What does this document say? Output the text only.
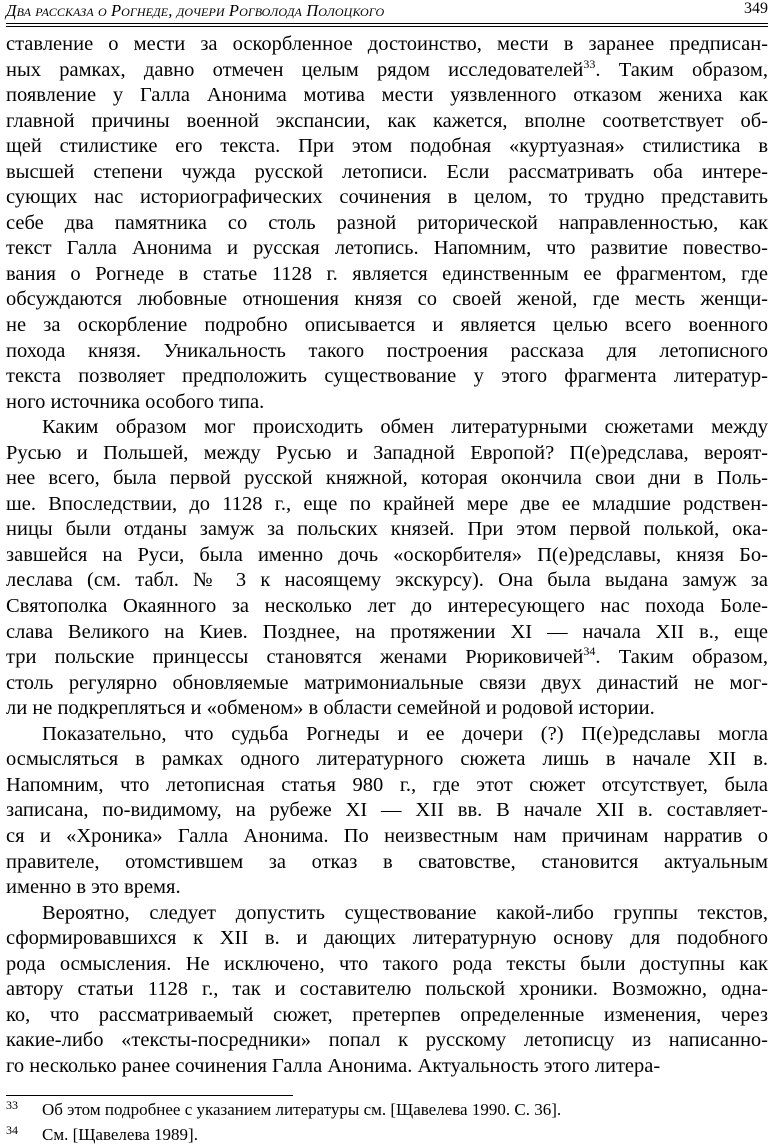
Два рассказа о Рогнеде, дочери Рогволода Полоцкого	349

ставление о мести за оскорбленное достоинство, мести в заранее предписан-
ных рамках, давно отмечен целым рядом исследователей$^{33}$. Таким образом,
появление у Галла Анонима мотива мести уязвленного отказом жениха как
главной причины военной экспансии, как кажется, вполне соответствует об-
щей стилистике его текста. При этом подобная «куртуазная» стилистика в
высшей степени чужда русской летописи. Если рассматривать оба интере-
сующих нас историографических сочинения в целом, то трудно представить
себе два памятника со столь разной риторической направленностью, как
текст Галла Анонима и русская летопись. Напомним, что развитие повество-
вания о Рогнеде в статье 1128 г. является единственным ее фрагментом, где
обсуждаются любовные отношения князя со своей женой, где месть женщи-
не за оскорбление подробно описывается и является целью всего военного
похода князя. Уникальность такого построения рассказа для летописного
текста позволяет предположить существование у этого фрагмента литератур-
ного источника особого типа.

Каким образом мог происходить обмен литературными сюжетами между
Русью и Польшей, между Русью и Западной Европой? П(е)редслава, вероят-
нее всего, была первой русской княжной, которая окончила свои дни в Поль-
ше. Впоследствии, до 1128 г., еще по крайней мере две ее младшие родствен-
ницы были отданы замуж за польских князей. При этом первой полькой, ока-
завшейся на Руси, была именно дочь «оскорбителя» П(е)редславы, князя Бо-
леслава (см. табл. № 3 к насоящему экскурсу). Она была выдана замуж за
Святополка Окаянного за несколько лет до интересующего нас похода Боле-
слава Великого на Киев. Позднее, на протяжении XI — начала XII в., еще
три польские принцессы становятся женами Рюриковичей$^{34}$. Таким образом,
столь регулярно обновляемые матримониальные связи двух династий не мог-
ли не подкрепляться и «обменом» в области семейной и родовой истории.

Показательно, что судьба Рогнеды и ее дочери (?) П(е)редславы могла
осмысляться в рамках одного литературного сюжета лишь в начале XII в.
Напомним, что летописная статья 980 г., где этот сюжет отсутствует, была
записана, по-видимому, на рубеже XI — XII вв. В начале XII в. составляет-
ся и «Хроника» Галла Анонима. По неизвестным нам причинам нарратив о
правителе, отомстившем за отказ в сватовстве, становится актуальным
именно в это время.

Вероятно, следует допустить существование какой-либо группы текстов,
сформировавшихся к XII в. и дающих литературную основу для подобного
рода осмысления. Не исключено, что такого рода тексты были доступны как
автору статьи 1128 г., так и составителю польской хроники. Возможно, одна-
ко, что рассматриваемый сюжет, претерпев определенные изменения, через
какие-либо «тексты-посредники» попал к русскому летописцу из написанно-
го несколько ранее сочинения Галла Анонима. Актуальность этого литера-

33 Об этом подробнее с указанием литературы см. [Щавелева 1990. С. 36].
34 См. [Щавелева 1989].
